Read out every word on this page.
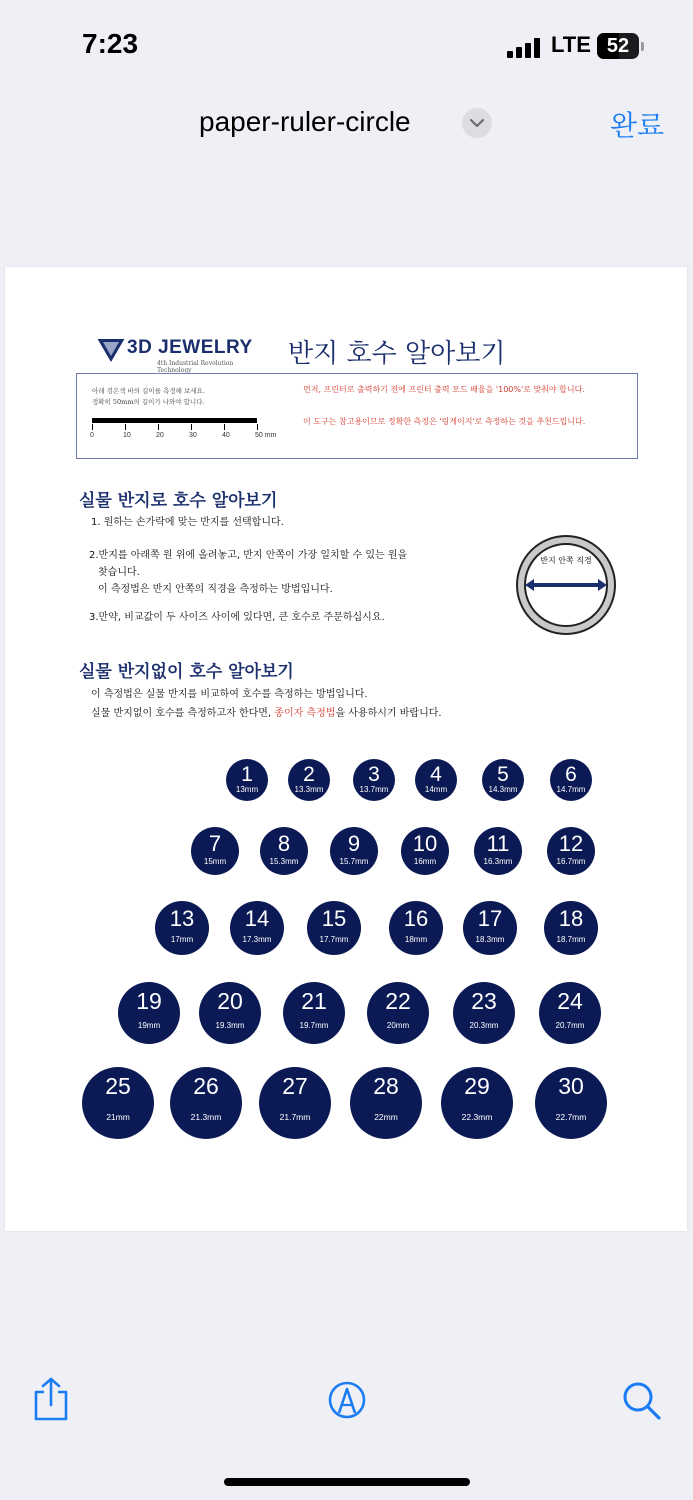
7:23	LTE 52
paper-ruler-circle	완료
3D JEWELRY
4th Industrial Revolution Technology
반지 호수 알아보기
아래 검은색 바의 길이를 측정해 보세요.
정확히 50mm의 길이가 나와야 합니다.
0	10	20	30	40	50 mm
먼저, 프린터로 출력하기 전에 프린터 출력 모드 배율을 '100%'로 맞춰야 합니다.
이 도구는 참고용이므로 정확한 측정은 '링게이지'로 측정하는 것을 추천드립니다.
실물 반지로 호수 알아보기
1. 원하는 손가락에 맞는 반지를 선택합니다.
2.반지를 아래쪽 원 위에 올려놓고, 반지 안쪽이 가장 일치할 수 있는 원을
찾습니다.
이 측정법은 반지 안쪽의 직경을 측정하는 방법입니다.
3.만약, 비교값이 두 사이즈 사이에 있다면, 큰 호수로 주문하십시요.
반지 안쪽 직경
실물 반지없이 호수 알아보기
이 측정법은 실물 반지를 비교하여 호수를 측정하는 방법입니다.
실물 반지없이 호수를 측정하고자 한다면, 종이자 측정법을 사용하시기 바랍니다.
1
13mm
2
13.3mm
3
13.7mm
4
14mm
5
14.3mm
6
14.7mm
7
15mm
8
15.3mm
9
15.7mm
10
16mm
11
16.3mm
12
16.7mm
13
17mm
14
17.3mm
15
17.7mm
16
18mm
17
18.3mm
18
18.7mm
19
19mm
20
19.3mm
21
19.7mm
22
20mm
23
20.3mm
24
20.7mm
25
21mm
26
21.3mm
27
21.7mm
28
22mm
29
22.3mm
30
22.7mm
